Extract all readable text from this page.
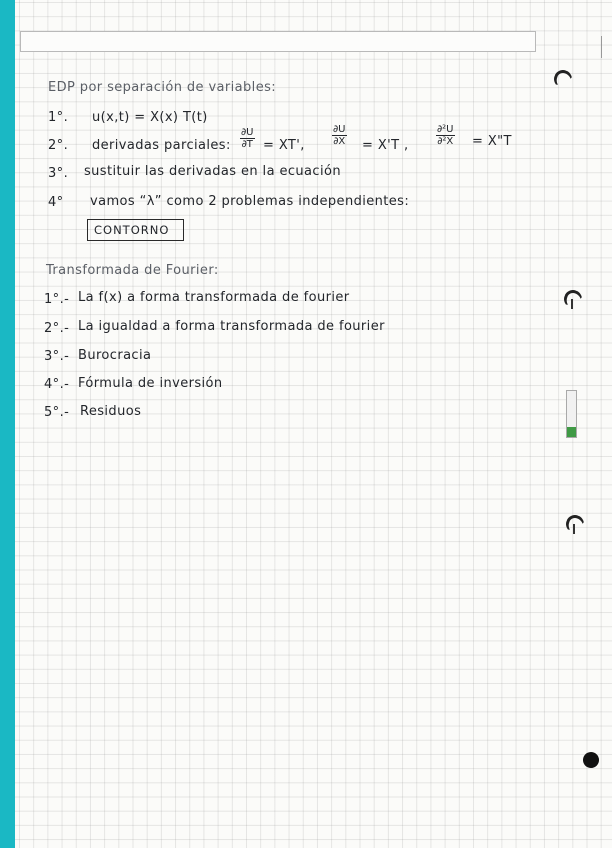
EDP por separación de variables:

1°. u(x,t) = X(x) T(t)

2°. derivadas parciales: $\frac{\partial U}{\partial T} = XT'$,	$\frac{\partial U}{\partial X} = X'T$ ,	$\frac{\text{∂²U}}{\text{∂²X}}$ = X"T

3°. sustituir las derivadas en la ecuación

4° vamos “λ” como 2 problemas independientes:

CONTORNO

Transformada de Fourier:

1°.- La f(x) a forma transformada de fourier

2°.- La igualdad a forma transformada de fourier

3°.- Burocracia

4°.- Fórmula de inversión

5°.- Residuos
